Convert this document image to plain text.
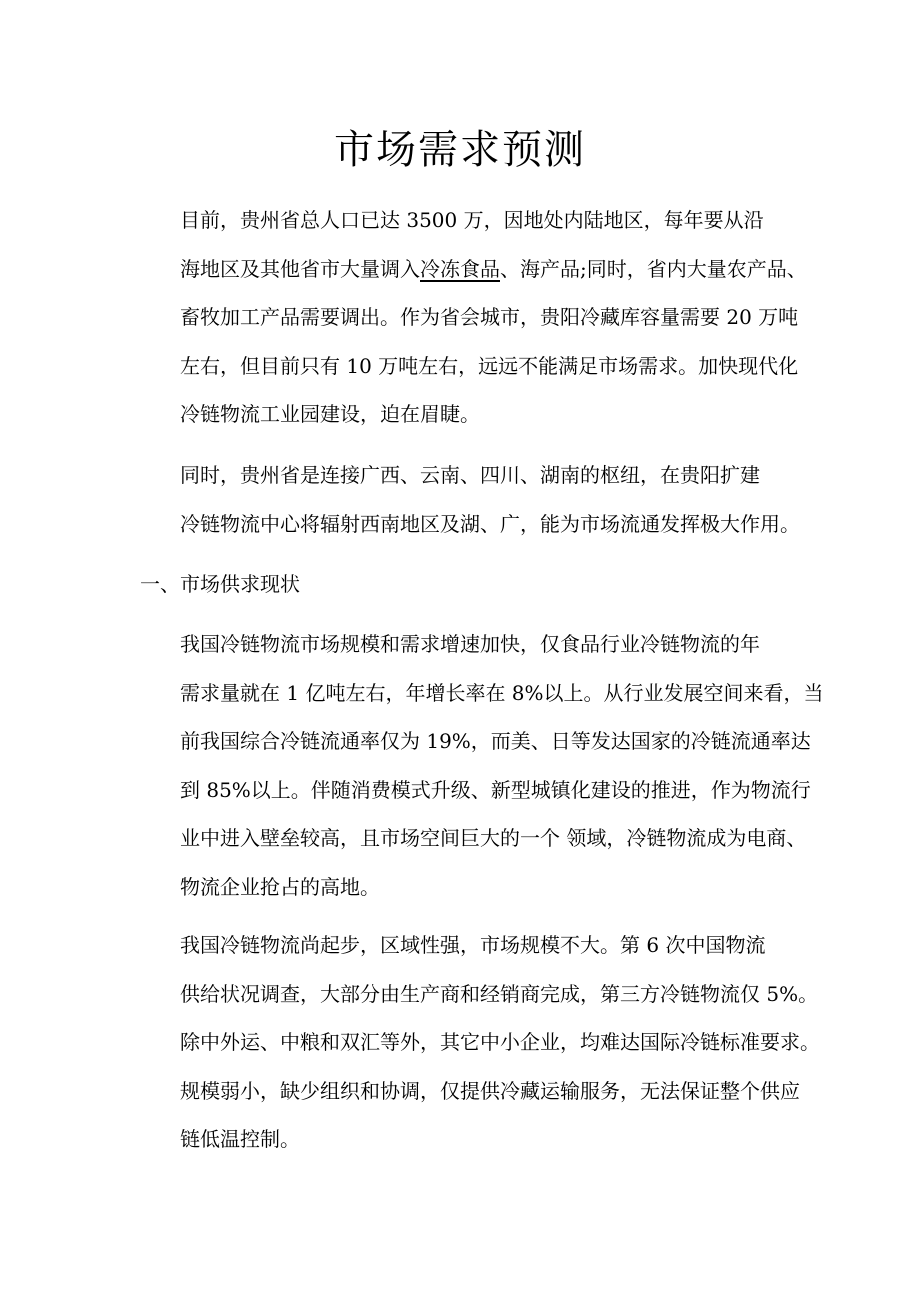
市场需求预测

目前，贵州省总人口已达 3500 万，因地处内陆地区，每年要从沿
海地区及其他省市大量调入冷冻食品、海产品;同时，省内大量农产品、
畜牧加工产品需要调出。作为省会城市，贵阳冷藏库容量需要 20 万吨
左右，但目前只有 10 万吨左右，远远不能满足市场需求。加快现代化
冷链物流工业园建设，迫在眉睫。

同时，贵州省是连接广西、云南、四川、湖南的枢纽，在贵阳扩建
冷链物流中心将辐射西南地区及湖、广，能为市场流通发挥极大作用。

一、市场供求现状

我国冷链物流市场规模和需求增速加快，仅食品行业冷链物流的年
需求量就在 1 亿吨左右，年增长率在 8%以上。从行业发展空间来看，当
前我国综合冷链流通率仅为 19%，而美、日等发达国家的冷链流通率达
到 85%以上。伴随消费模式升级、新型城镇化建设的推进，作为物流行
业中进入壁垒较高，且市场空间巨大的一个 领域，冷链物流成为电商、
物流企业抢占的高地。

我国冷链物流尚起步，区域性强，市场规模不大。第 6 次中国物流
供给状况调查，大部分由生产商和经销商完成，第三方冷链物流仅 5%。
除中外运、中粮和双汇等外，其它中小企业，均难达国际冷链标准要求。
规模弱小，缺少组织和协调，仅提供冷藏运输服务，无法保证整个供应
链低温控制。
